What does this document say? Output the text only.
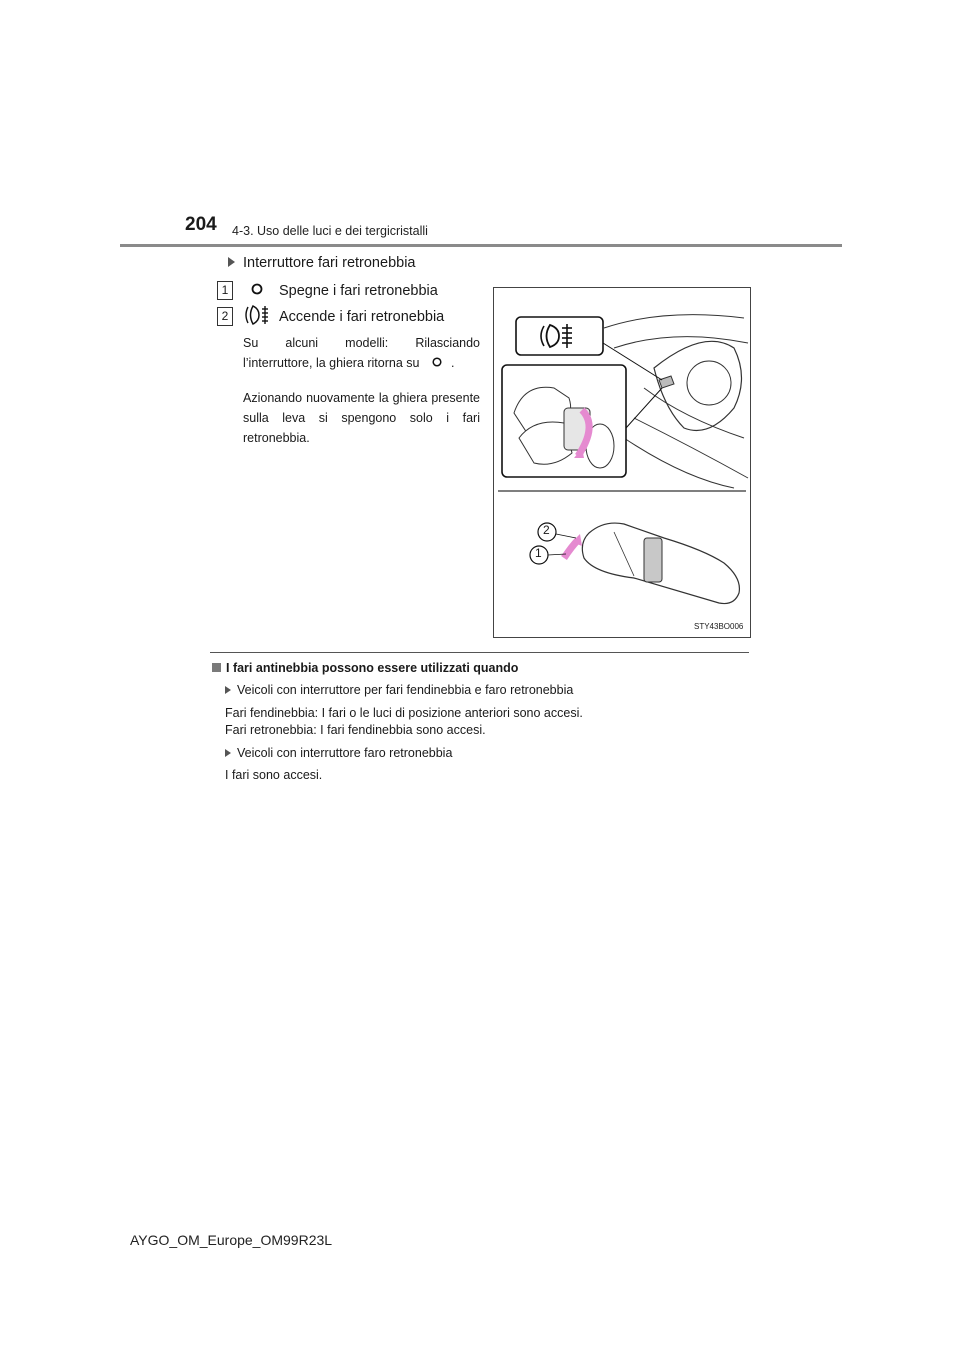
204 4-3. Uso delle luci e dei tergicristalli
Interruttore fari retronebbia
1	Spegne i fari retronebbia
2	Accende i fari retronebbia
Su alcuni modelli: Rilasciando l’interruttore, la ghiera ritorna su	.
Azionando nuovamente la ghiera presente sulla leva si spengono solo i fari retronebbia.
2
1
STY43BO006
I fari antinebbia possono essere utilizzati quando
Veicoli con interruttore per fari fendinebbia e faro retronebbia
Fari fendinebbia: I fari o le luci di posizione anteriori sono accesi.
Fari retronebbia: I fari fendinebbia sono accesi.
Veicoli con interruttore faro retronebbia
I fari sono accesi.
AYGO_OM_Europe_OM99R23L
